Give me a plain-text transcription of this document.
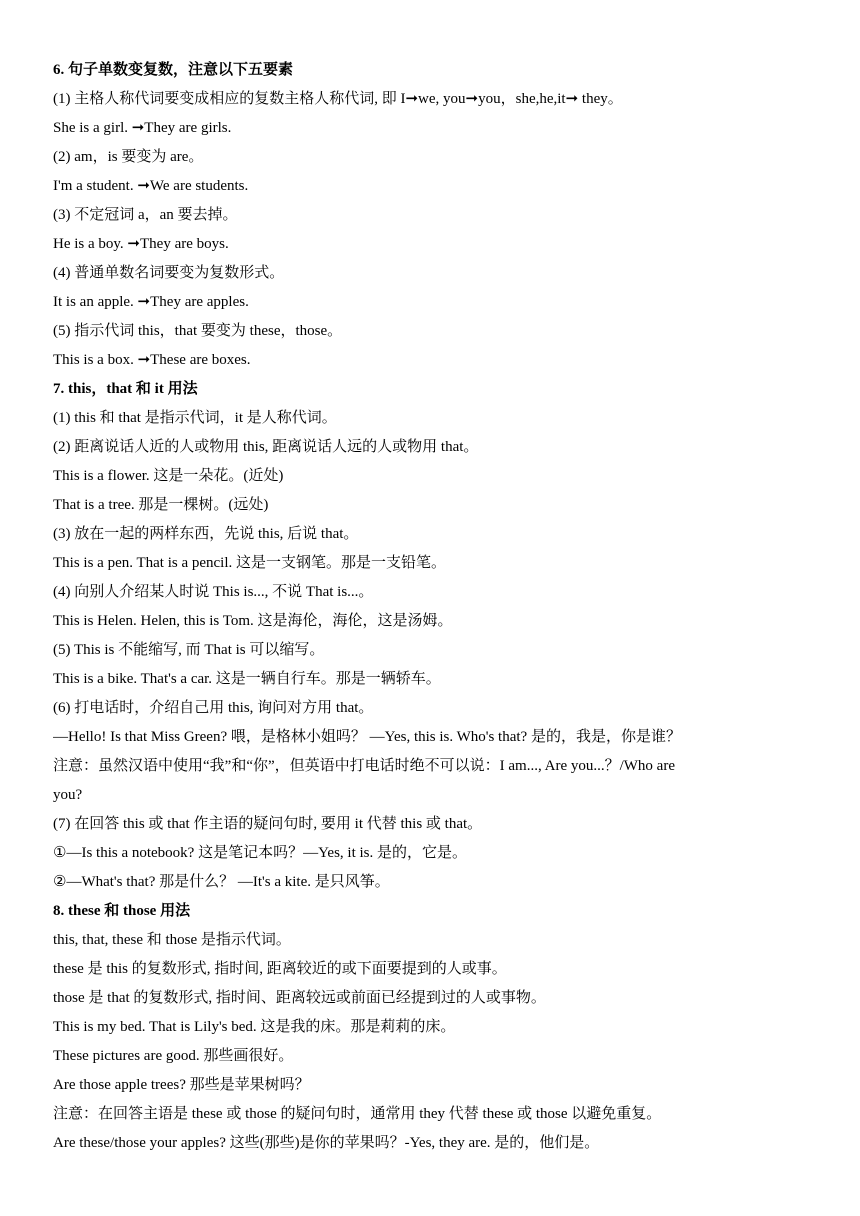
6. 句子单数变复数，注意以下五要素
(1) 主格人称代词要变成相应的复数主格人称代词, 即 I➞we, you➞you，she,he,it➞ they。
She is a girl. ➞They are girls.
(2) am，is 要变为 are。
I'm a student. ➞We are students.
(3) 不定冠词 a，an 要去掉。
He is a boy. ➞They are boys.
(4) 普通单数名词要变为复数形式。
It is an apple. ➞They are apples.
(5) 指示代词 this，that 要变为 these，those。
This is a box. ➞These are boxes.
7. this，that 和 it 用法
(1) this 和 that 是指示代词，it 是人称代词。
(2) 距离说话人近的人或物用 this, 距离说话人远的人或物用 that。
This is a flower. 这是一朵花。(近处)
That is a tree. 那是一棵树。(远处)
(3) 放在一起的两样东西，先说 this, 后说 that。
This is a pen. That is a pencil. 这是一支钢笔。那是一支铅笔。
(4) 向别人介绍某人时说 This is..., 不说 That is...。
This is Helen. Helen, this is Tom. 这是海伦，海伦，这是汤姆。
(5) This is 不能缩写, 而 That is 可以缩写。
This is a bike. That's a car. 这是一辆自行车。那是一辆轿车。
(6) 打电话时，介绍自己用 this, 询问对方用 that。
—Hello! Is that Miss Green? 喂，是格林小姐吗？ —Yes, this is. Who's that? 是的，我是，你是谁？
注意：虽然汉语中使用“我”和“你”，但英语中打电话时绝不可以说：I am..., Are you...？/Who are
you?
(7) 在回答 this 或 that 作主语的疑问句时, 要用 it 代替 this 或 that。
①—Is this a notebook? 这是笔记本吗？—Yes, it is. 是的，它是。
②—What's that? 那是什么？ —It's a kite. 是只风筝。
8. these 和 those 用法
this, that, these 和 those 是指示代词。
these 是 this 的复数形式, 指时间, 距离较近的或下面要提到的人或事。
those 是 that 的复数形式, 指时间、距离较远或前面已经提到过的人或事物。
This is my bed. That is Lily's bed. 这是我的床。那是莉莉的床。
These pictures are good. 那些画很好。
Are those apple trees? 那些是苹果树吗？
注意：在回答主语是 these 或 those 的疑问句时，通常用 they 代替 these 或 those 以避免重复。
Are these/those your apples? 这些(那些)是你的苹果吗？-Yes, they are. 是的，他们是。
